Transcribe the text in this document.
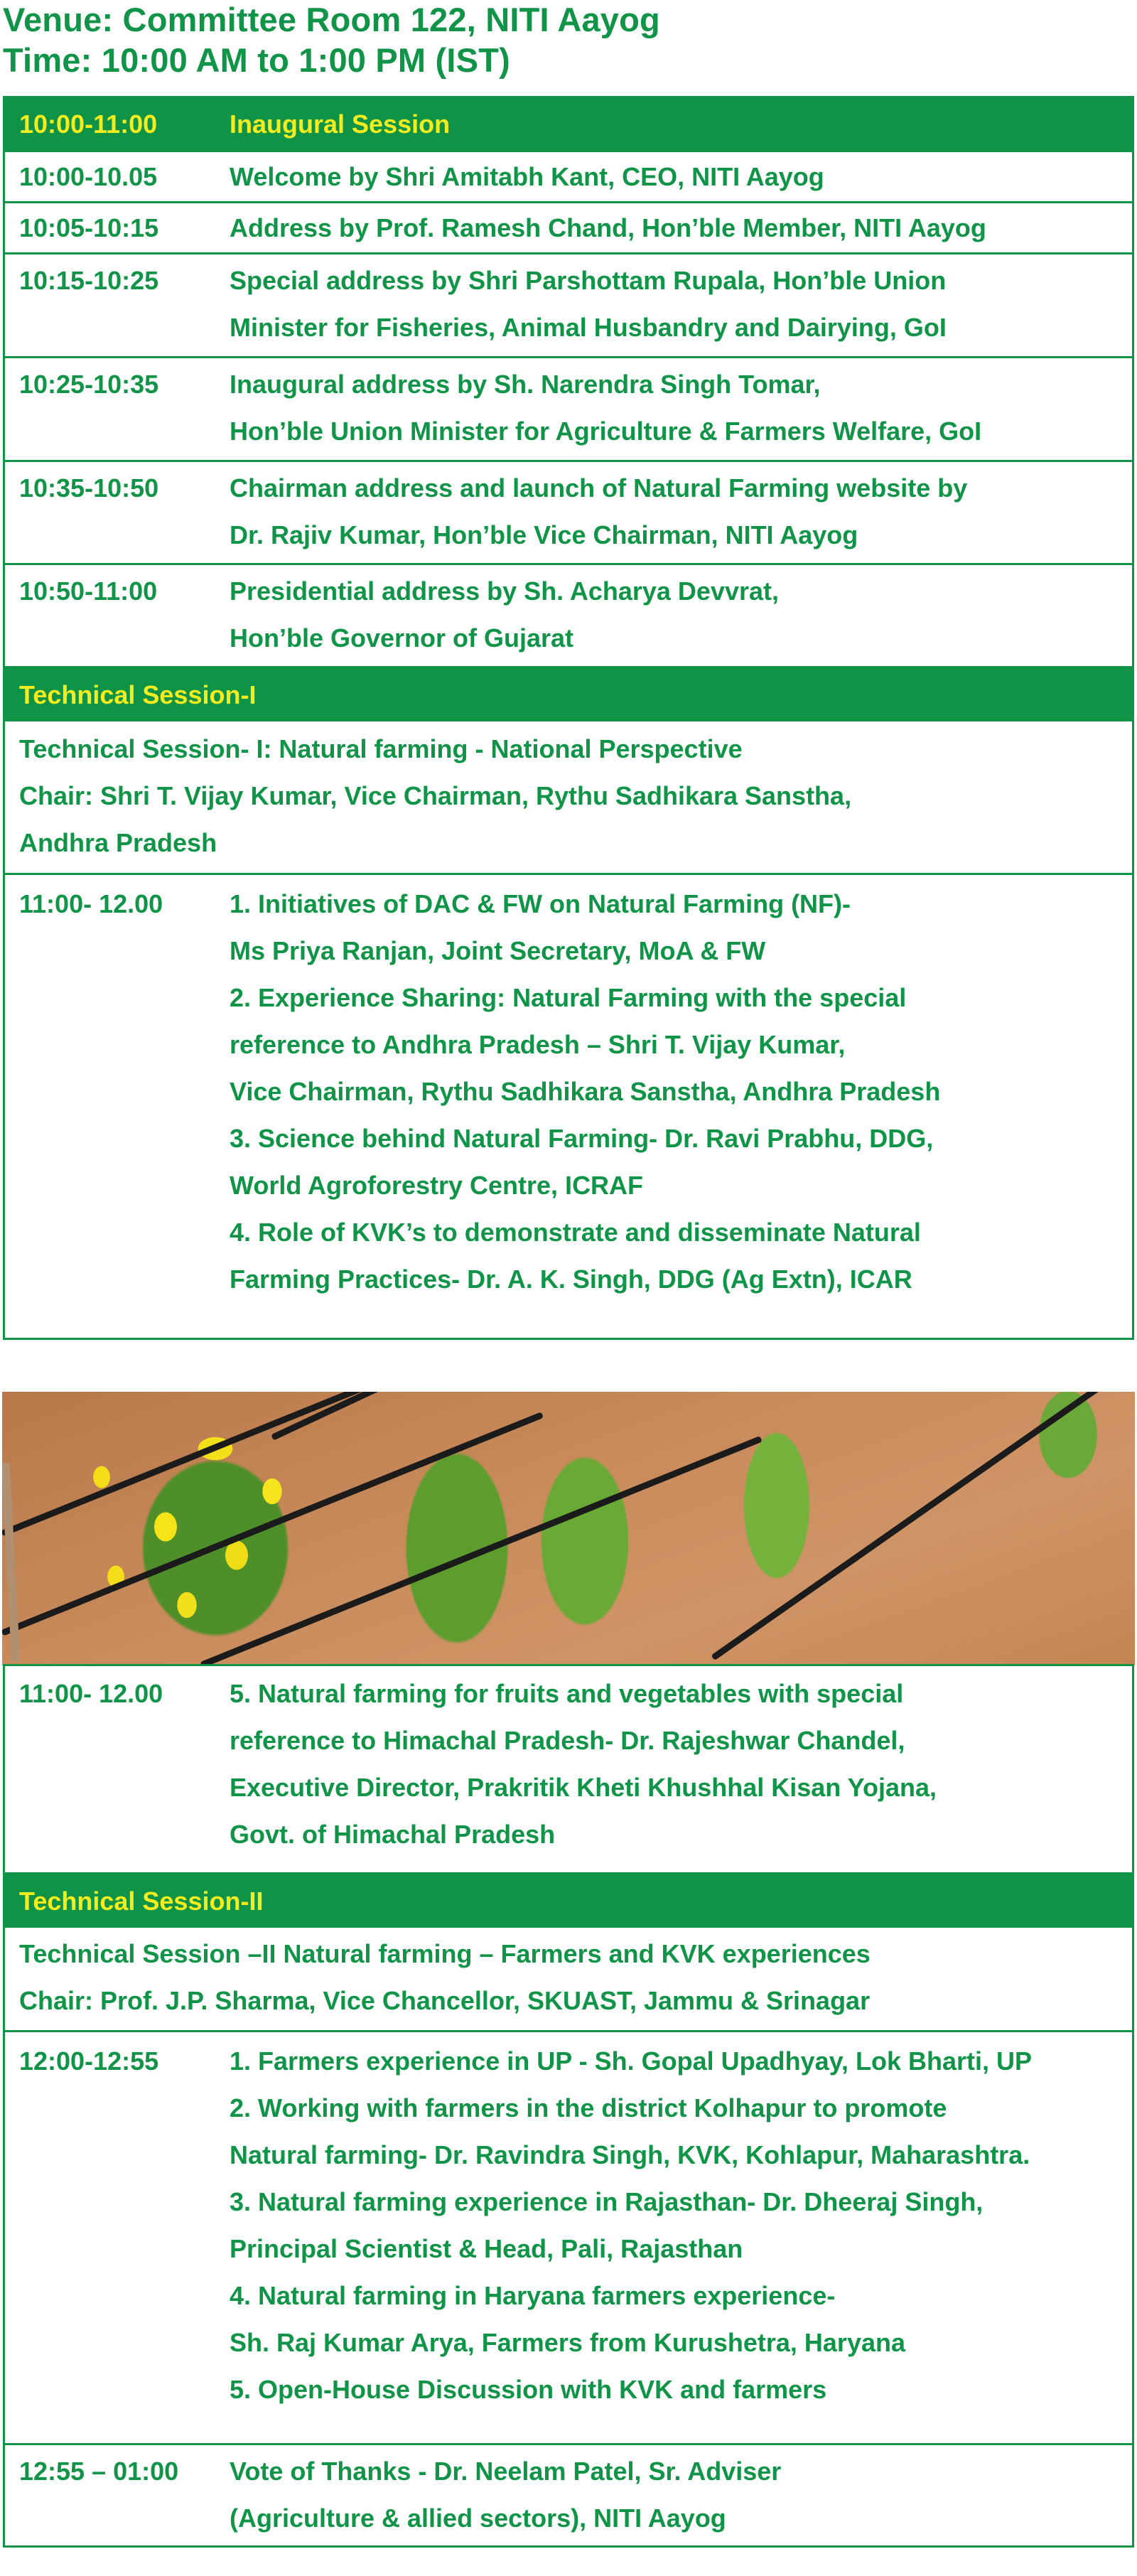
Venue: Committee Room 122, NITI Aayog
Time: 10:00 AM to 1:00 PM (IST)
10:00-11:00	Inaugural Session
10:00-10.05	Welcome by Shri Amitabh Kant, CEO, NITI Aayog
10:05-10:15	Address by Prof. Ramesh Chand, Hon’ble Member, NITI Aayog
10:15-10:25	Special address by Shri Parshottam Rupala, Hon’ble Union
Minister for Fisheries, Animal Husbandry and Dairying, GoI
10:25-10:35	Inaugural address by Sh. Narendra Singh Tomar,
Hon’ble Union Minister for Agriculture & Farmers Welfare, GoI
10:35-10:50	Chairman address and launch of Natural Farming website by
Dr. Rajiv Kumar, Hon’ble Vice Chairman, NITI Aayog
10:50-11:00	Presidential address by Sh. Acharya Devvrat,
Hon’ble Governor of Gujarat
Technical Session-I
Technical Session- I: Natural farming - National Perspective
Chair: Shri T. Vijay Kumar, Vice Chairman, Rythu Sadhikara Sanstha,
Andhra Pradesh
11:00- 12.00	1. Initiatives of DAC & FW on Natural Farming (NF)-
Ms Priya Ranjan, Joint Secretary, MoA & FW
2. Experience Sharing: Natural Farming with the special
reference to Andhra Pradesh – Shri T. Vijay Kumar,
Vice Chairman, Rythu Sadhikara Sanstha, Andhra Pradesh
3. Science behind Natural Farming- Dr. Ravi Prabhu, DDG,
World Agroforestry Centre, ICRAF
4. Role of KVK’s to demonstrate and disseminate Natural
Farming Practices- Dr. A. K. Singh, DDG (Ag Extn), ICAR
11:00- 12.00	5. Natural farming for fruits and vegetables with special
reference to Himachal Pradesh- Dr. Rajeshwar Chandel,
Executive Director, Prakritik Kheti Khushhal Kisan Yojana,
Govt. of Himachal Pradesh
Technical Session-II
Technical Session –II Natural farming – Farmers and KVK experiences
Chair: Prof. J.P. Sharma, Vice Chancellor, SKUAST, Jammu & Srinagar
12:00-12:55	1. Farmers experience in UP - Sh. Gopal Upadhyay, Lok Bharti, UP
2. Working with farmers in the district Kolhapur to promote
Natural farming- Dr. Ravindra Singh, KVK, Kohlapur, Maharashtra.
3. Natural farming experience in Rajasthan- Dr. Dheeraj Singh,
Principal Scientist & Head, Pali, Rajasthan
4. Natural farming in Haryana farmers experience-
Sh. Raj Kumar Arya, Farmers from Kurushetra, Haryana
5. Open-House Discussion with KVK and farmers
12:55 – 01:00 Vote of Thanks - Dr. Neelam Patel, Sr. Adviser
(Agriculture & allied sectors), NITI Aayog
